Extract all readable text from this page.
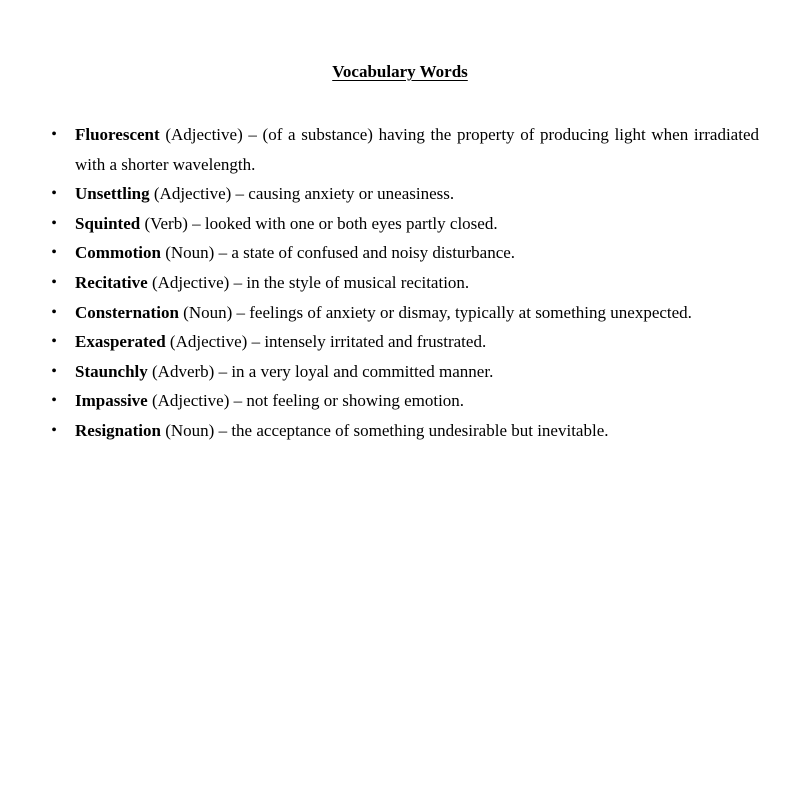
Vocabulary Words
• Fluorescent (Adjective) – (of a substance) having the property of producing light when irradiated with a shorter wavelength.
• Unsettling (Adjective) – causing anxiety or uneasiness.
• Squinted (Verb) – looked with one or both eyes partly closed.
• Commotion (Noun) – a state of confused and noisy disturbance.
• Recitative (Adjective) – in the style of musical recitation.
• Consternation (Noun) – feelings of anxiety or dismay, typically at something unexpected.
• Exasperated (Adjective) – intensely irritated and frustrated.
• Staunchly (Adverb) – in a very loyal and committed manner.
• Impassive (Adjective) – not feeling or showing emotion.
• Resignation (Noun) – the acceptance of something undesirable but inevitable.
